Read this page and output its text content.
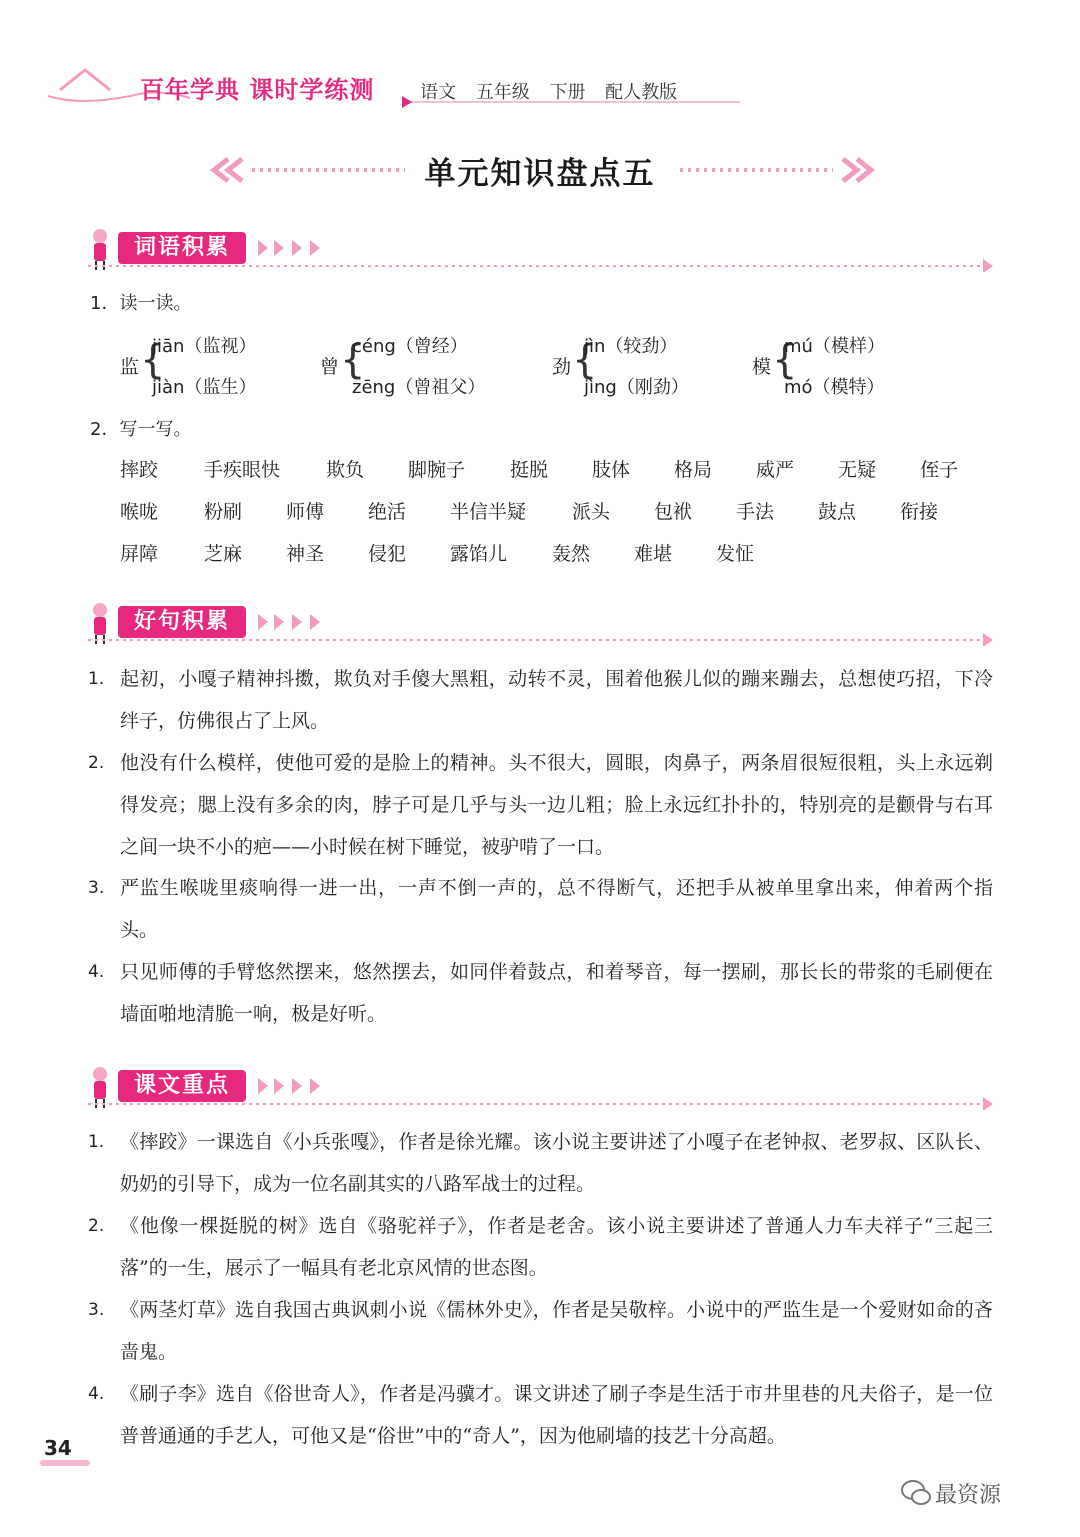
百年学典 课时学练测	语文 五年级 下册 配人教版
单元知识盘点五
词语积累
1．读一读。
监 {
jiān（监视）
jiàn（监生）
曾 {
céng（曾经）
zēng（曾祖父）
劲 {
jìn（较劲）
jìng（刚劲）
模 {
mú（模样）
mó（模特）
2．写一写。
摔跤 手疾眼快 欺负 脚腕子 挺脱 肢体 格局 威严 无疑 侄子
喉咙 粉刷 师傅 绝活 半信半疑 派头 包袱 手法 鼓点 衔接
屏障 芝麻 神圣 侵犯 露馅儿 轰然 难堪 发怔
好句积累
1. 起初，小嘎子精神抖擞，欺负对手傻大黑粗，动转不灵，围着他猴儿似的蹦来蹦去，总想使巧招，下冷绊子，仿佛很占了上风。
2. 他没有什么模样，使他可爱的是脸上的精神。头不很大，圆眼，肉鼻子，两条眉很短很粗，头上永远剃得发亮；腮上没有多余的肉，脖子可是几乎与头一边儿粗；脸上永远红扑扑的，特别亮的是颧骨与右耳之间一块不小的疤——小时候在树下睡觉，被驴啃了一口。
3. 严监生喉咙里痰响得一进一出，一声不倒一声的，总不得断气，还把手从被单里拿出来，伸着两个指头。
4. 只见师傅的手臂悠然摆来，悠然摆去，如同伴着鼓点，和着琴音，每一摆刷，那长长的带浆的毛刷便在墙面啪地清脆一响，极是好听。
课文重点
1. 《摔跤》一课选自《小兵张嘎》，作者是徐光耀。该小说主要讲述了小嘎子在老钟叔、老罗叔、区队长、奶奶的引导下，成为一位名副其实的八路军战士的过程。
2. 《他像一棵挺脱的树》选自《骆驼祥子》，作者是老舍。该小说主要讲述了普通人力车夫祥子“三起三落”的一生，展示了一幅具有老北京风情的世态图。
3. 《两茎灯草》选自我国古典讽刺小说《儒林外史》，作者是吴敬梓。小说中的严监生是一个爱财如命的吝啬鬼。
4. 《刷子李》选自《俗世奇人》，作者是冯骥才。课文讲述了刷子李是生活于市井里巷的凡夫俗子，是一位普普通通的手艺人，可他又是“俗世”中的“奇人”，因为他刷墙的技艺十分高超。
34
最资源
